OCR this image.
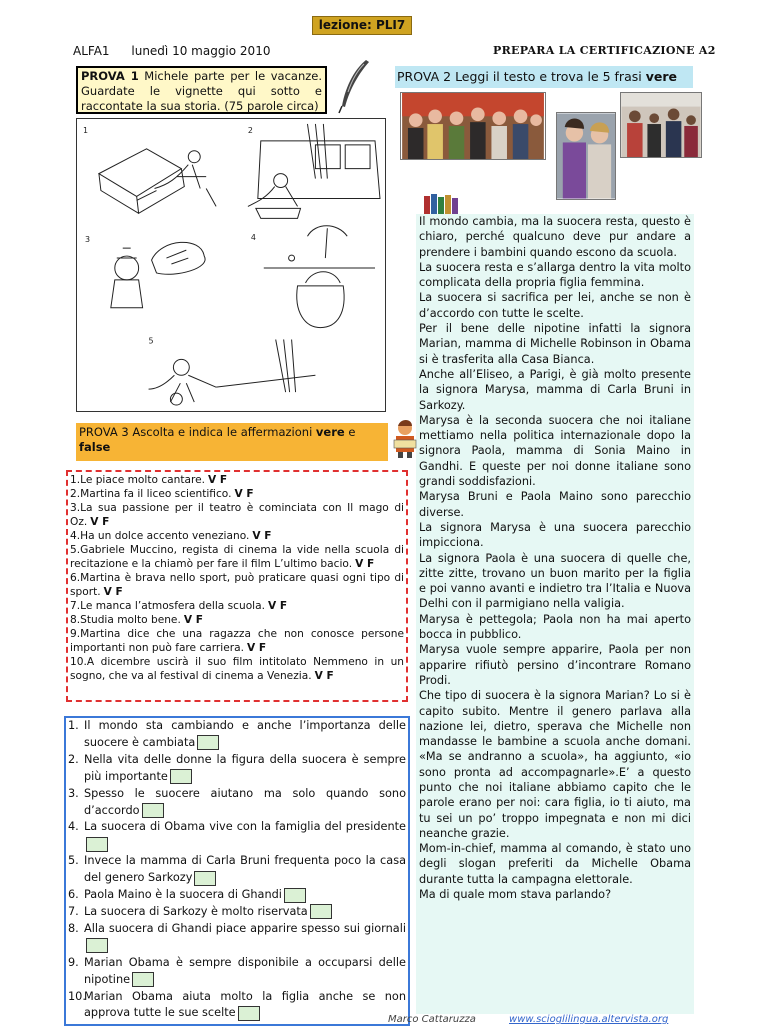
lezione: PLI7
ALFA1 lunedì 10 maggio 2010	PREPARA LA CERTIFICAZIONE A2
PROVA 1 Michele parte per le vacanze. Guardate le vignette qui sotto e raccontate la sua storia. (75 parole circa)
1	2
3	4
5
PROVA 2 Leggi il testo e trova le 5 frasi vere

Il mondo cambia, ma la suocera resta, questo è chiaro, perché qualcuno deve pur andare a prendere i bambini quando escono da scuola.

La suocera resta e s’allarga dentro la vita molto complicata della propria figlia femmina.

La suocera si sacrifica per lei, anche se non è d’accordo con tutte le scelte.

Per il bene delle nipotine infatti la signora Marian, mamma di Michelle Robinson in Obama si è trasferita alla Casa Bianca.

Anche all’Eliseo, a Parigi, è già molto presente la signora Marysa, mamma di Carla Bruni in Sarkozy.

Marysa è la seconda suocera che noi italiane mettiamo nella politica internazionale dopo la signora Paola, mamma di Sonia Maino in Gandhi. E queste per noi donne italiane sono grandi soddisfazioni.

Marysa Bruni e Paola Maino sono parecchio diverse.

La signora Marysa è una suocera parecchio impicciona.

La signora Paola è una suocera di quelle che, zitte zitte, trovano un buon marito per la figlia e poi vanno avanti e indietro tra l’Italia e Nuova Delhi con il parmigiano nella valigia.

Marysa è pettegola; Paola non ha mai aperto bocca in pubblico.

Marysa vuole sempre apparire, Paola per non apparire rifiutò persino d’incontrare Romano Prodi.

Che tipo di suocera è la signora Marian? Lo si è capito subito. Mentre il genero parlava alla nazione lei, dietro, sperava che Michelle non mandasse le bambine a scuola anche domani. «Ma se andranno a scuola», ha aggiunto, «io sono pronta ad accompagnarle».E’ a questo punto che noi italiane abbiamo capito che le parole erano per noi: cara figlia, io ti aiuto, ma tu sei un po’ troppo impegnata e non mi dici neanche grazie.

Mom-in-chief, mamma al comando, è stato uno degli slogan preferiti da Michelle Obama durante tutta la campagna elettorale.

Ma di quale mom stava parlando?

PROVA 3 Ascolta e indica le affermazioni vere e false
1.Le piace molto cantare. V F
2.Martina fa il liceo scientifico. V F
3.La sua passione per il teatro è cominciata con Il mago di Oz. V F
4.Ha un dolce accento veneziano. V F
5.Gabriele Muccino, regista di cinema la vide nella scuola di recitazione e la chiamò per fare il film L’ultimo bacio. V F
6.Martina è brava nello sport, può praticare quasi ogni tipo di sport. V F
7.Le manca l’atmosfera della scuola. V F
8.Studia molto bene. V F
9.Martina dice che una ragazza che non conosce persone importanti non può fare carriera. V F
10.A dicembre uscirà il suo film intitolato Nemmeno in un sogno, che va al festival di cinema a Venezia. V F
1. Il mondo sta cambiando e anche l’importanza delle suocere è cambiata
2. Nella vita delle donne la figura della suocera è sempre più importante
3. Spesso le suocere aiutano ma solo quando sono d’accordo
4. La suocera di Obama vive con la famiglia del presidente
5. Invece la mamma di Carla Bruni frequenta poco la casa del genero Sarkozy
6. Paola Maino è la suocera di Ghandi
7. La suocera di Sarkozy è molto riservata
8. Alla suocera di Ghandi piace apparire spesso sui giornali
9. Marian Obama è sempre disponibile a occuparsi delle nipotine
10.
Marian Obama aiuta molto la figlia anche se non approva tutte le sue scelte
Marco Cattaruzza	www.scioglilingua.altervista.org
